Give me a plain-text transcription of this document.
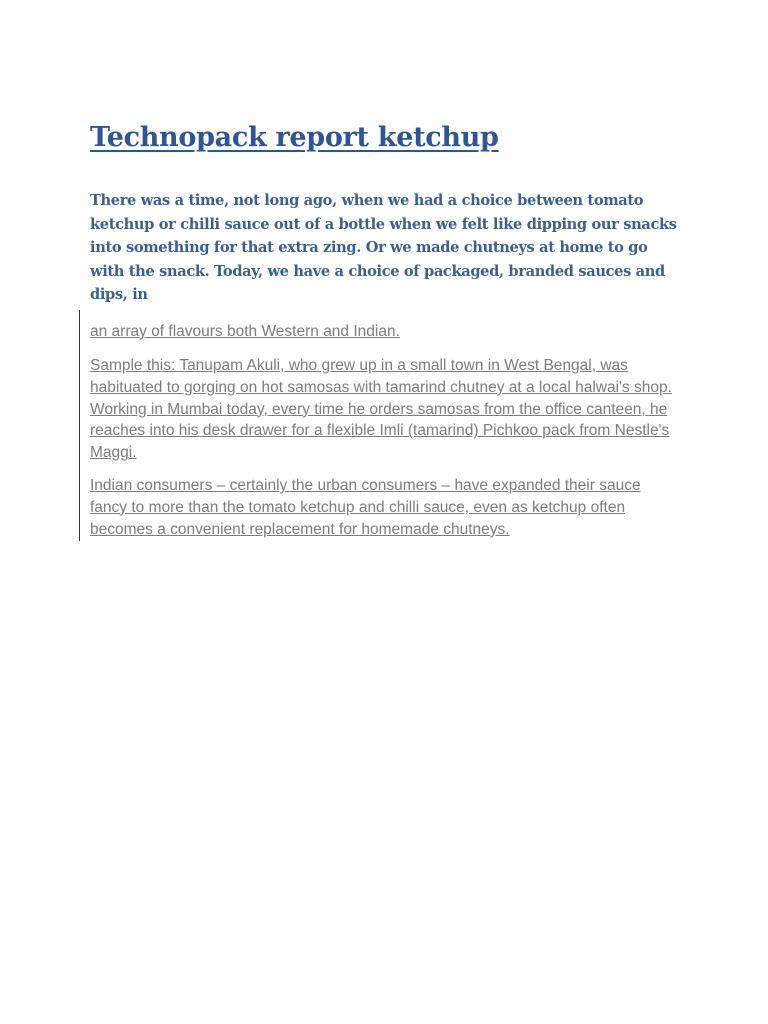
Technopack report ketchup

There was a time, not long ago, when we had a choice between tomato ketchup or chilli sauce out of a bottle when we felt like dipping our snacks into something for that extra zing. Or we made chutneys at home to go with the snack. Today, we have a choice of packaged, branded sauces and dips, in

an array of flavours both Western and Indian.

Sample this: Tanupam Akuli, who grew up in a small town in West Bengal, was habituated to gorging on hot samosas with tamarind chutney at a local halwai's shop. Working in Mumbai today, every time he orders samosas from the office canteen, he reaches into his desk drawer for a flexible Imli (tamarind) Pichkoo pack from Nestle's Maggi.

Indian consumers – certainly the urban consumers – have expanded their sauce fancy to more than the tomato ketchup and chilli sauce, even as ketchup often becomes a convenient replacement for homemade chutneys.
